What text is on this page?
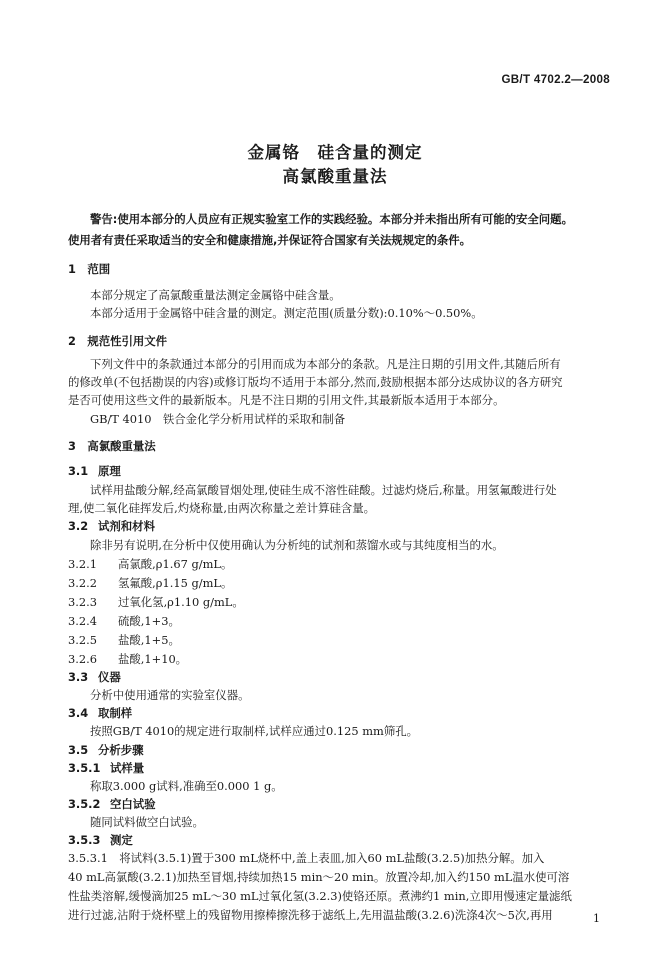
GB/T 4702.2—2008
金属铬　硅含量的测定
高氯酸重量法
警告:使用本部分的人员应有正规实验室工作的实践经验。本部分并未指出所有可能的安全问题。
使用者有责任采取适当的安全和健康措施,并保证符合国家有关法规规定的条件。
1　范围
本部分规定了高氯酸重量法测定金属铬中硅含量。
本部分适用于金属铬中硅含量的测定。测定范围(质量分数):0.10%～0.50%。
2　规范性引用文件
下列文件中的条款通过本部分的引用而成为本部分的条款。凡是注日期的引用文件,其随后所有
的修改单(不包括勘误的内容)或修订版均不适用于本部分,然而,鼓励根据本部分达成协议的各方研究
是否可使用这些文件的最新版本。凡是不注日期的引用文件,其最新版本适用于本部分。
GB/T 4010　铁合金化学分析用试样的采取和制备
3　高氯酸重量法
3.1 原理
试样用盐酸分解,经高氯酸冒烟处理,使硅生成不溶性硅酸。过滤灼烧后,称量。用氢氟酸进行处
理,使二氧化硅挥发后,灼烧称量,由两次称量之差计算硅含量。
3.2 试剂和材料
除非另有说明,在分析中仅使用确认为分析纯的试剂和蒸馏水或与其纯度相当的水。
3.2.1 高氯酸,ρ1.67 g/mL。
3.2.2 氢氟酸,ρ1.15 g/mL。
3.2.3 过氧化氢,ρ1.10 g/mL。
3.2.4 硫酸,1+3。
3.2.5 盐酸,1+5。
3.2.6 盐酸,1+10。
3.3 仪器
分析中使用通常的实验室仪器。
3.4 取制样
按照GB/T 4010的规定进行取制样,试样应通过0.125 mm筛孔。
3.5 分析步骤
3.5.1 试样量
称取3.000 g试料,准确至0.000 1 g。
3.5.2 空白试验
随同试料做空白试验。
3.5.3 测定
3.5.3.1　将试料(3.5.1)置于300 mL烧杯中,盖上表皿,加入60 mL盐酸(3.2.5)加热分解。加入
40 mL高氯酸(3.2.1)加热至冒烟,持续加热15 min～20 min。放置冷却,加入约150 mL温水使可溶
性盐类溶解,缓慢滴加25 mL～30 mL过氧化氢(3.2.3)使铬还原。煮沸约1 min,立即用慢速定量滤纸
进行过滤,沾附于烧杯壁上的残留物用擦棒擦洗移于滤纸上,先用温盐酸(3.2.6)洗涤4次～5次,再用	1
